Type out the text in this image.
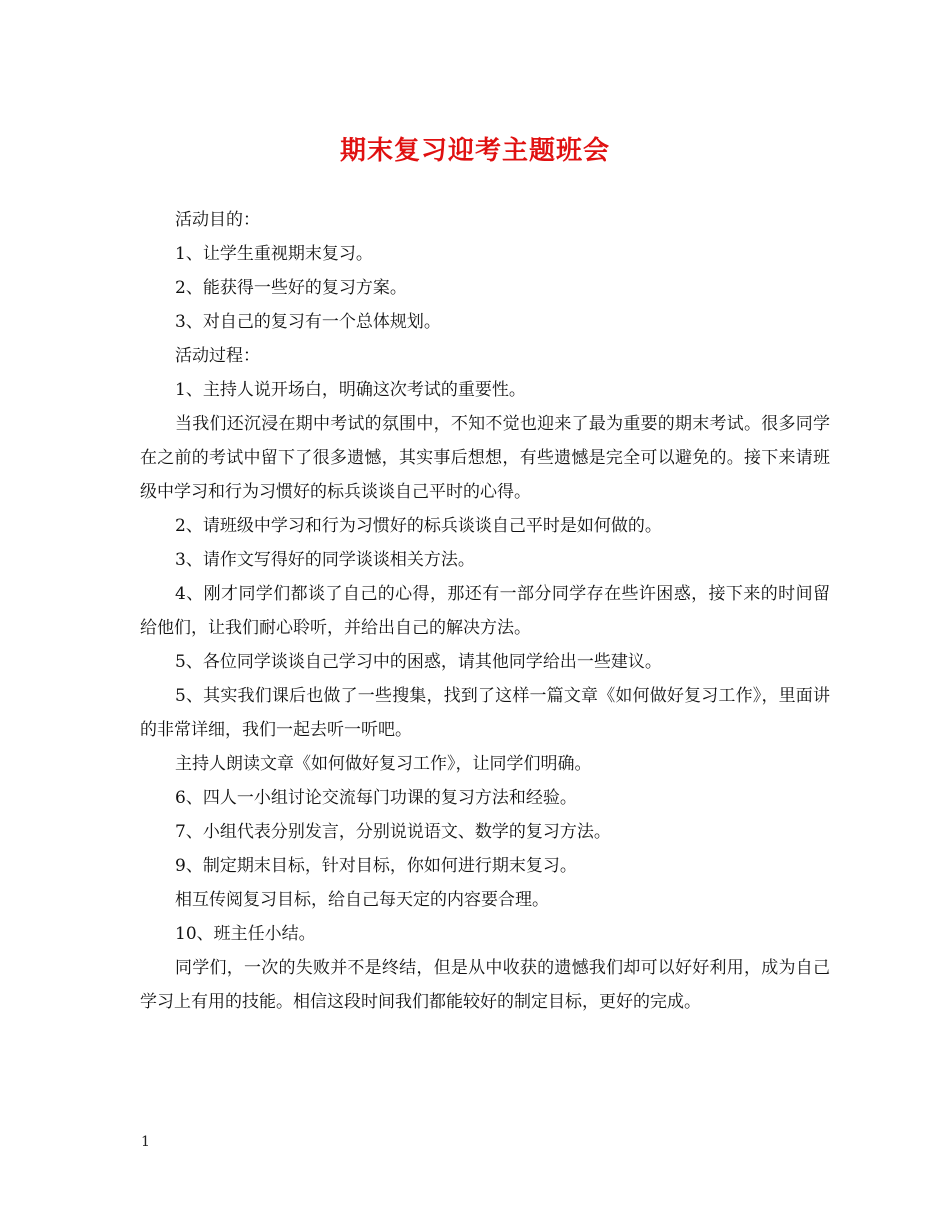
期末复习迎考主题班会

活动目的：

1、让学生重视期末复习。

2、能获得一些好的复习方案。

3、对自己的复习有一个总体规划。

活动过程：

1、主持人说开场白，明确这次考试的重要性。

当我们还沉浸在期中考试的氛围中，不知不觉也迎来了最为重要的期末考试。很多同学在之前的考试中留下了很多遗憾，其实事后想想，有些遗憾是完全可以避免的。接下来请班级中学习和行为习惯好的标兵谈谈自己平时的心得。

2、请班级中学习和行为习惯好的标兵谈谈自己平时是如何做的。

3、请作文写得好的同学谈谈相关方法。

4、刚才同学们都谈了自己的心得，那还有一部分同学存在些许困惑，接下来的时间留给他们，让我们耐心聆听，并给出自己的解决方法。

5、各位同学谈谈自己学习中的困惑，请其他同学给出一些建议。

5、其实我们课后也做了一些搜集，找到了这样一篇文章《如何做好复习工作》，里面讲的非常详细，我们一起去听一听吧。

主持人朗读文章《如何做好复习工作》，让同学们明确。

6、四人一小组讨论交流每门功课的复习方法和经验。

7、小组代表分别发言，分别说说语文、数学的复习方法。

9、制定期末目标，针对目标，你如何进行期末复习。

相互传阅复习目标，给自己每天定的内容要合理。

10、班主任小结。

同学们，一次的失败并不是终结，但是从中收获的遗憾我们却可以好好利用，成为自己学习上有用的技能。相信这段时间我们都能较好的制定目标，更好的完成。

1
